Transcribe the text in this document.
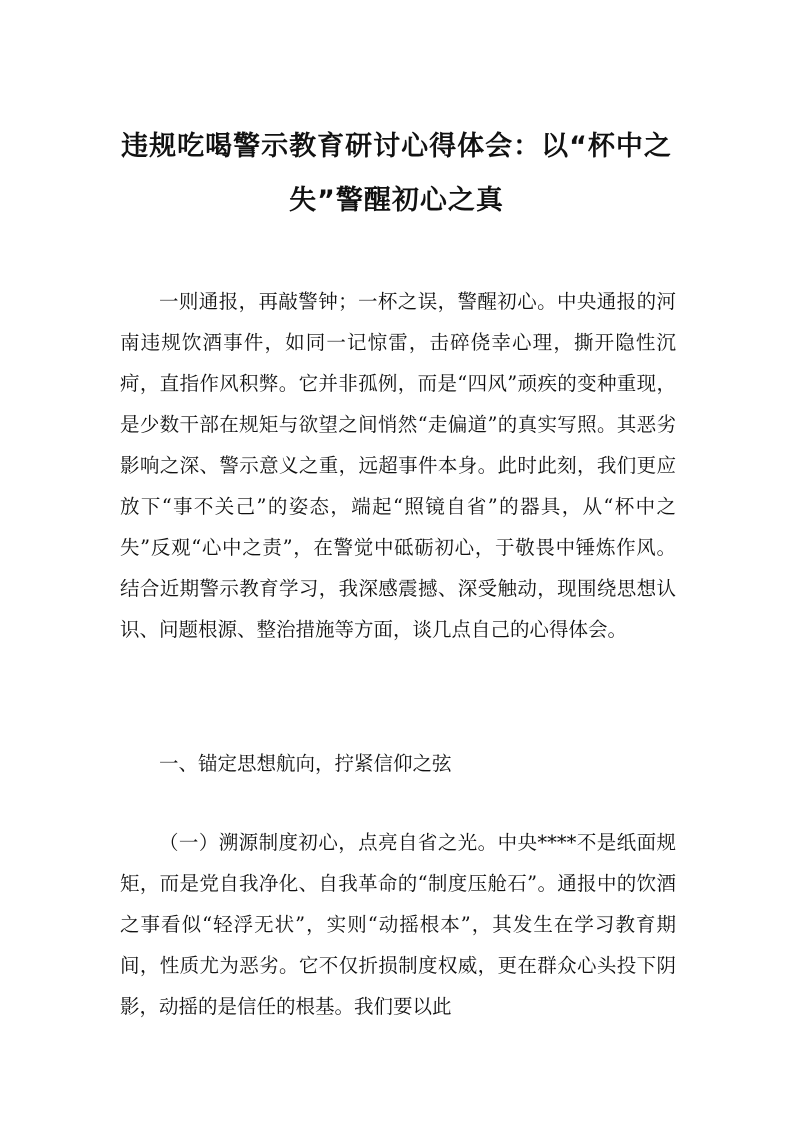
违规吃喝警示教育研讨心得体会：以“杯中之失”警醒初心之真

一则通报，再敲警钟；一杯之误，警醒初心。中央通报的河南违规饮酒事件，如同一记惊雷，击碎侥幸心理，撕开隐性沉疴，直指作风积弊。它并非孤例，而是“四风”顽疾的变种重现，是少数干部在规矩与欲望之间悄然“走偏道”的真实写照。其恶劣影响之深、警示意义之重，远超事件本身。此时此刻，我们更应放下“事不关己”的姿态，端起“照镜自省”的器具，从“杯中之失”反观“心中之责”，在警觉中砥砺初心，于敬畏中锤炼作风。结合近期警示教育学习，我深感震撼、深受触动，现围绕思想认识、问题根源、整治措施等方面，谈几点自己的心得体会。

一、锚定思想航向，拧紧信仰之弦

（一）溯源制度初心，点亮自省之光。中央****不是纸面规矩，而是党自我净化、自我革命的“制度压舱石”。通报中的饮酒之事看似“轻浮无状”，实则“动摇根本”，其发生在学习教育期间，性质尤为恶劣。它不仅折损制度权威，更在群众心头投下阴影，动摇的是信任的根基。我们要以此
